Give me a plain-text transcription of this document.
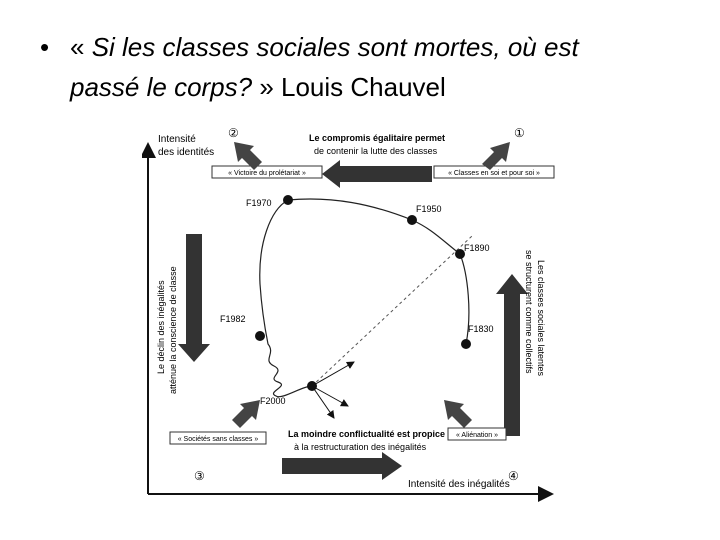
• « Si les classes sociales sont mortes, où est
passé le corps? » Louis Chauvel
Intensité
des identités
Intensité des inégalités
②	①
③	④
Le compromis égalitaire permet
de contenir la lutte des classes
« Victoire du prolétariat »	« Classes en soi et pour soi »
Le déclin des inégalités atténue la conscience de classe	Les classes sociales latentes
se structurent comme collectifs
F1970
F1950
F1890
F1830
F1982
F2000
« Sociétés sans classes »
« Aliénation »
La moindre conflictualité est propice
à la restructuration des inégalités
